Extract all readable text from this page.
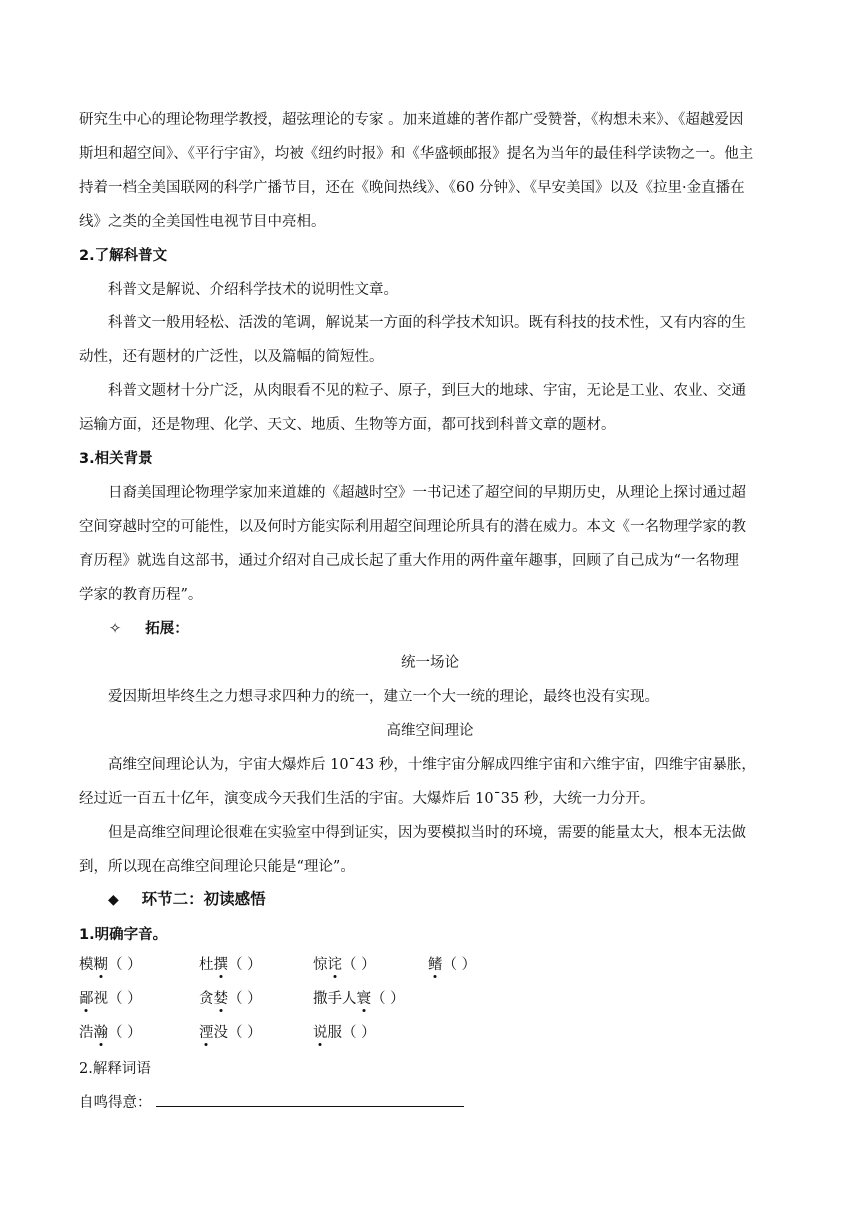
研究生中心的理论物理学教授，超弦理论的专家 。加来道雄的著作都广受赞誉，《构想未来》、《超越爱因
斯坦和超空间》、《平行宇宙》，均被《纽约时报》和《华盛顿邮报》提名为当年的最佳科学读物之一。他主
持着一档全美国联网的科学广播节目，还在《晚间热线》、《60 分钟》、《早安美国》以及《拉里·金直播在
线》之类的全美国性电视节目中亮相。
2.了解科普文
科普文是解说、介绍科学技术的说明性文章。
科普文一般用轻松、活泼的笔调，解说某一方面的科学技术知识。既有科技的技术性，又有内容的生
动性，还有题材的广泛性，以及篇幅的简短性。
科普文题材十分广泛，从肉眼看不见的粒子、原子，到巨大的地球、宇宙，无论是工业、农业、交通
运输方面，还是物理、化学、天文、地质、生物等方面，都可找到科普文章的题材。
3.相关背景
日裔美国理论物理学家加来道雄的《超越时空》一书记述了超空间的早期历史，从理论上探讨通过超
空间穿越时空的可能性，以及何时方能实际利用超空间理论所具有的潜在威力。本文《一名物理学家的教
育历程》就选自这部书，通过介绍对自己成长起了重大作用的两件童年趣事，回顾了自己成为“一名物理
学家的教育历程”。
✧ 拓展：
统一场论
爱因斯坦毕终生之力想寻求四种力的统一，建立一个大一统的理论，最终也没有实现。
高维空间理论
高维空间理论认为，宇宙大爆炸后 10ˉ43 秒，十维宇宙分解成四维宇宙和六维宇宙，四维宇宙暴胀，
经过近一百五十亿年，演变成今天我们生活的宇宙。大爆炸后 10ˉ35 秒，大统一力分开。
但是高维空间理论很难在实验室中得到证实，因为要模拟当时的环境，需要的能量太大，根本无法做
到，所以现在高维空间理论只能是“理论”。
◆ 环节二：初读感悟
1.明确字音。
模糊（ ）	杜撰（ ）	惊诧（ ）	鳍（ ）
鄙视（ ）	贪婪（ ）	撒手人寰（ ）
浩瀚（ ）	湮没（ ）	说服（ ）
2.解释词语
自鸣得意：
